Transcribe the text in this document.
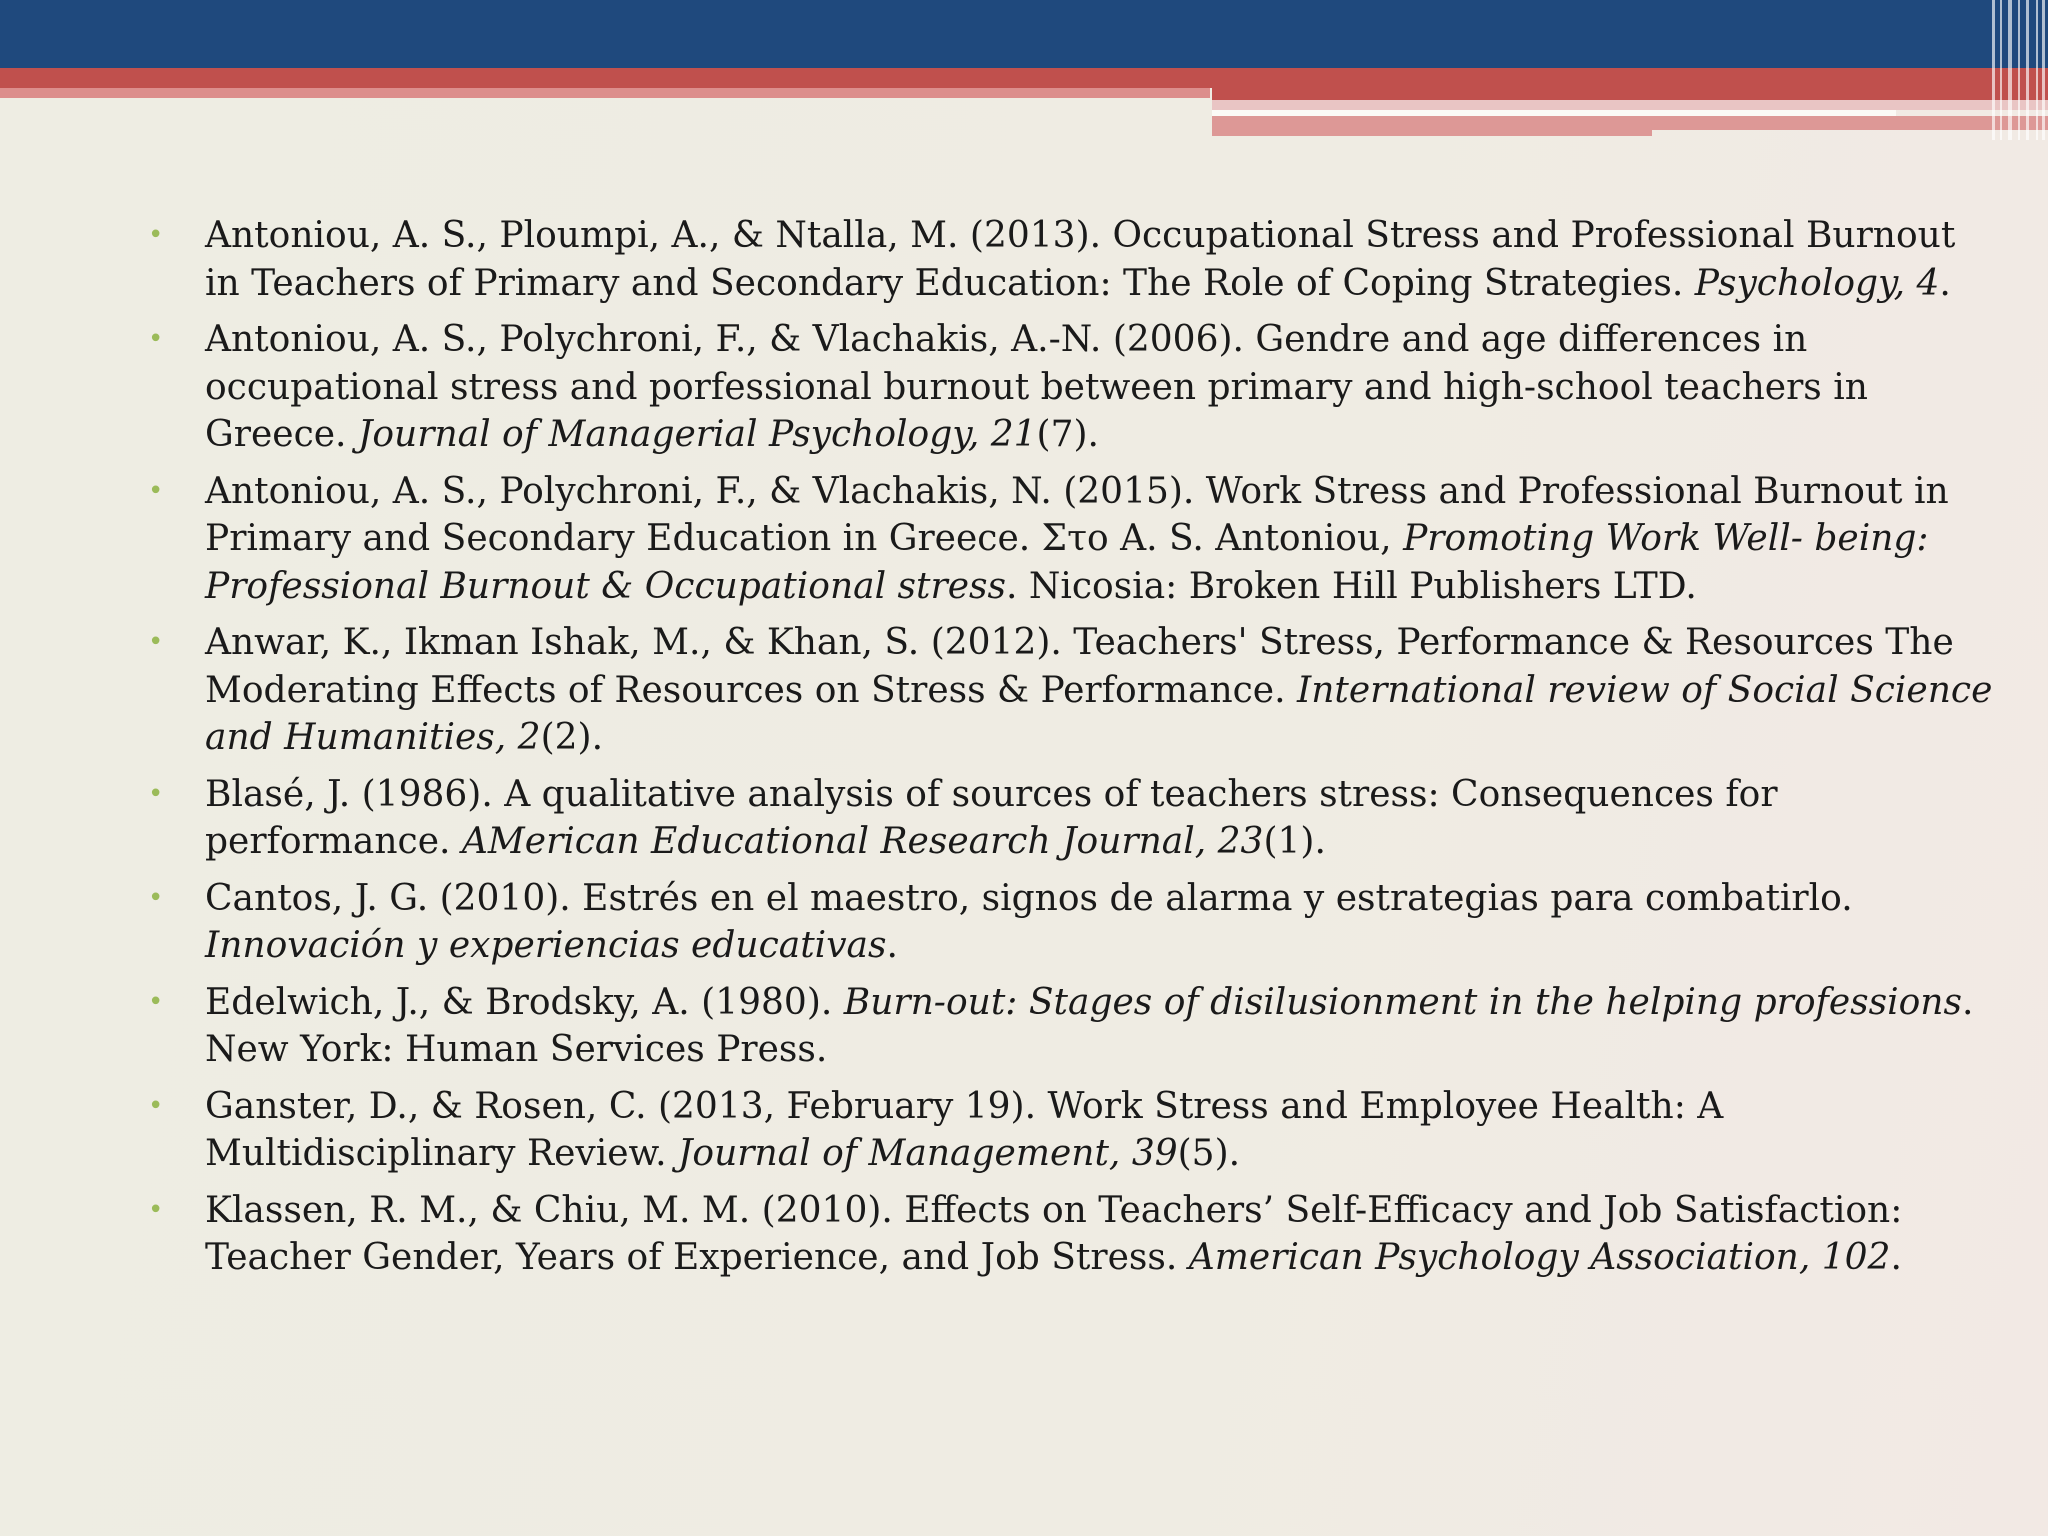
• Antoniou, A. S., Ploumpi, A., & Ntalla, M. (2013). Occupational Stress and Professional Burnout
in Teachers of Primary and Secondary Education: The Role of Coping Strategies. Psychology, 4.
• Antoniou, A. S., Polychroni, F., & Vlachakis, A.-N. (2006). Gendre and age differences in
occupational stress and porfessional burnout between primary and high-school teachers in
Greece. Journal of Managerial Psychology, 21(7).
• Antoniou, A. S., Polychroni, F., & Vlachakis, N. (2015). Work Stress and Professional Burnout in
Primary and Secondary Education in Greece. Στο A. S. Antoniou, Promoting Work Well- being:
Professional Burnout & Occupational stress. Nicosia: Broken Hill Publishers LTD.
• Anwar, K., Ikman Ishak, M., & Khan, S. (2012). Teachers' Stress, Performance & Resources The
Moderating Effects of Resources on Stress & Performance. International review of Social Science
and Humanities, 2(2).
• Blasé, J. (1986). A qualitative analysis of sources of teachers stress: Consequences for
performance. AMerican Educational Research Journal, 23(1).
• Cantos, J. G. (2010). Estrés en el maestro, signos de alarma y estrategias para combatirlo.
Innovación y experiencias educativas.
• Edelwich, J., & Brodsky, A. (1980). Burn-out: Stages of disilusionment in the helping professions.
New York: Human Services Press.
• Ganster, D., & Rosen, C. (2013, February 19). Work Stress and Employee Health: A
Multidisciplinary Review. Journal of Management, 39(5).
• Klassen, R. M., & Chiu, M. M. (2010). Effects on Teachers’ Self-Efficacy and Job Satisfaction:
Teacher Gender, Years of Experience, and Job Stress. American Psychology Association, 102.
